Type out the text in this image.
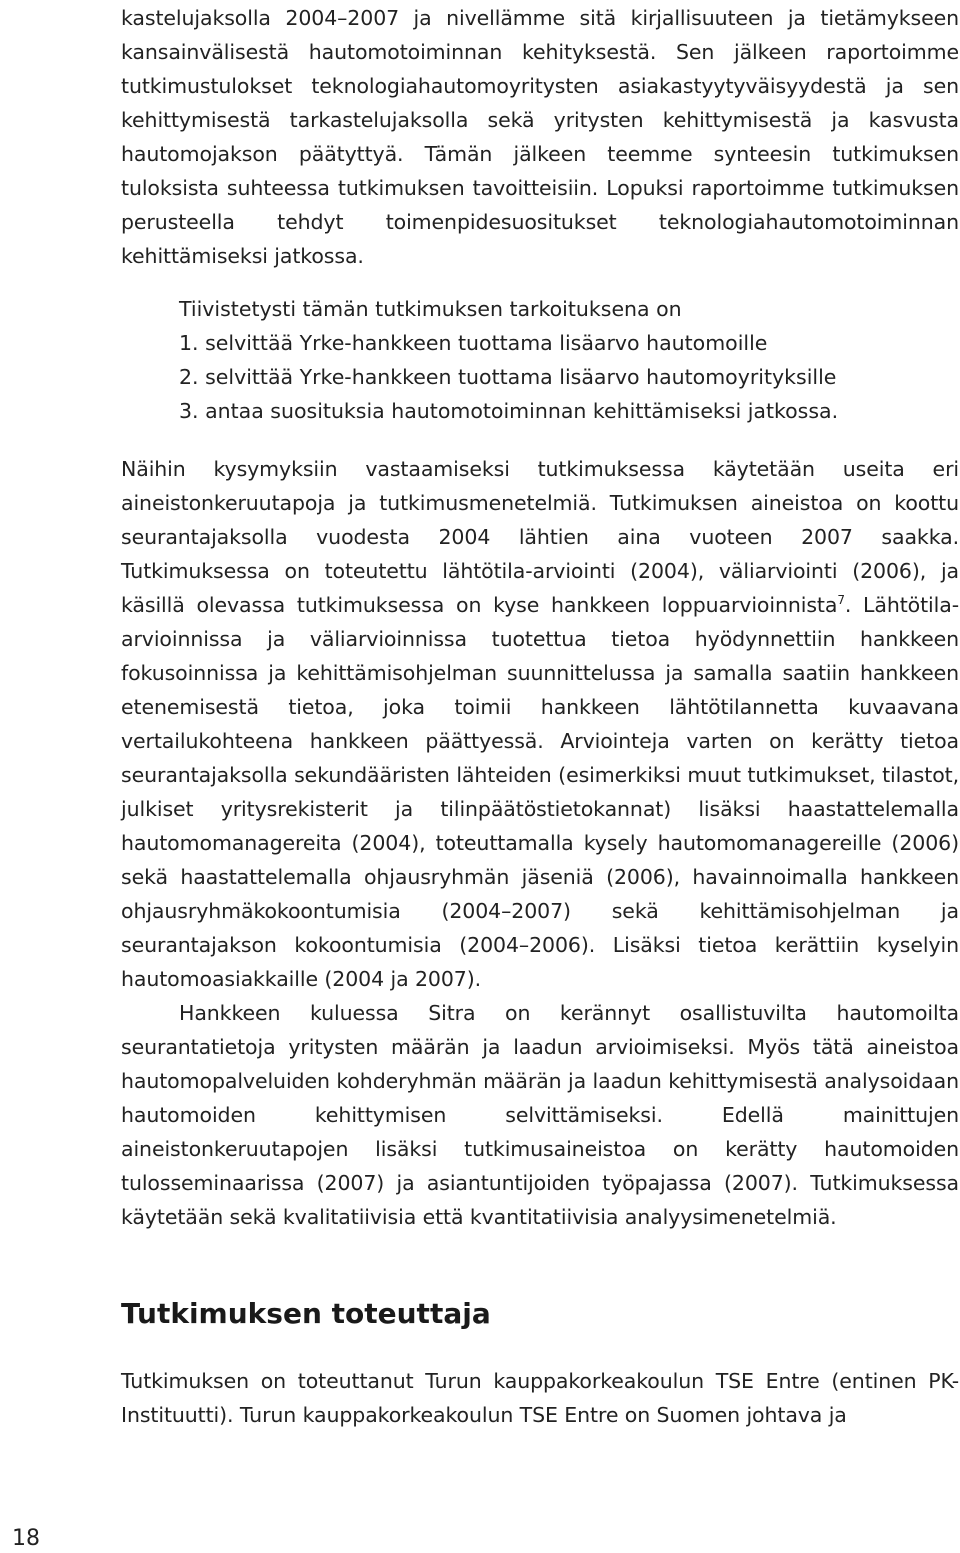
kastelujaksolla 2004–2007 ja nivellämme sitä kirjallisuuteen ja tietämykseen kansainvälisestä hautomotoiminnan kehityksestä. Sen jälkeen raportoimme tutkimustulokset teknologiahautomoyritysten asiakastyytyväisyydestä ja sen kehittymisestä tarkastelujaksolla sekä yritysten kehittymisestä ja kasvusta hautomojakson päätyttyä. Tämän jälkeen teemme synteesin tutkimuksen tuloksista suhteessa tutkimuksen tavoitteisiin. Lopuksi raportoimme tutkimuksen perusteella tehdyt toimenpidesuositukset teknologiahautomotoiminnan kehittämiseksi jatkossa.

Tiivistetysti tämän tutkimuksen tarkoituksena on
1. selvittää Yrke-hankkeen tuottama lisäarvo hautomoille
2. selvittää Yrke-hankkeen tuottama lisäarvo hautomoyrityksille
3. antaa suosituksia hautomotoiminnan kehittämiseksi jatkossa.

Näihin kysymyksiin vastaamiseksi tutkimuksessa käytetään useita eri aineistonkeruutapoja ja tutkimusmenetelmiä. Tutkimuksen aineistoa on koottu seurantajaksolla vuodesta 2004 lähtien aina vuoteen 2007 saakka. Tutkimuksessa on toteutettu lähtötila-arviointi (2004), väliarviointi (2006), ja käsillä olevassa tutkimuksessa on kyse hankkeen loppuarvioinnista$^7$. Lähtötila-arvioinnissa ja väliarvioinnissa tuotettua tietoa hyödynnettiin hankkeen fokusoinnissa ja kehittämisohjelman suunnittelussa ja samalla saatiin hankkeen etenemisestä tietoa, joka toimii hankkeen lähtötilannetta kuvaavana vertailukohteena hankkeen päättyessä. Arviointeja varten on kerätty tietoa seurantajaksolla sekundääristen lähteiden (esimerkiksi muut tutkimukset, tilastot, julkiset yritysrekisterit ja tilinpäätöstietokannat) lisäksi haastattelemalla hautomomanagereita (2004), toteuttamalla kysely hautomomanagereille (2006) sekä haastattelemalla ohjausryhmän jäseniä (2006), havainnoimalla hankkeen ohjausryhmäkokoontumisia (2004–2007) sekä kehittämisohjelman ja seurantajakson kokoontumisia (2004–2006). Lisäksi tietoa kerättiin kyselyin hautomoasiakkaille (2004 ja 2007).

Hankkeen kuluessa Sitra on kerännyt osallistuvilta hautomoilta seurantatietoja yritysten määrän ja laadun arvioimiseksi. Myös tätä aineistoa hautomopalveluiden kohderyhmän määrän ja laadun kehittymisestä analysoidaan hautomoiden kehittymisen selvittämiseksi. Edellä mainittujen aineistonkeruutapojen lisäksi tutkimusaineistoa on kerätty hautomoiden tulosseminaarissa (2007) ja asiantuntijoiden työpajassa (2007). Tutkimuksessa käytetään sekä kvalitatiivisia että kvantitatiivisia analyysimenetelmiä.

Tutkimuksen toteuttaja

Tutkimuksen on toteuttanut Turun kauppakorkeakoulun TSE Entre (entinen PK-Instituutti). Turun kauppakorkeakoulun TSE Entre on Suomen johtava ja

18
